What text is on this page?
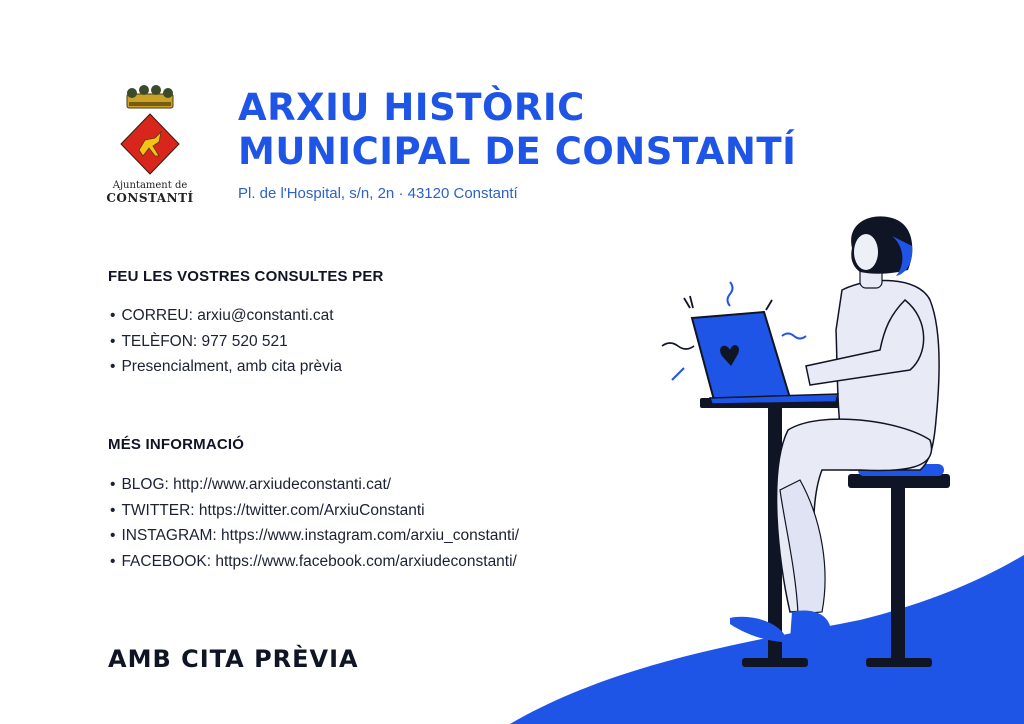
Ajuntament de
CONSTANTÍ
ARXIU HISTÒRIC
MUNICIPAL DE CONSTANTÍ
Pl. de l'Hospital, s/n, 2n · 43120 Constantí
FEU LES VOSTRES CONSULTES PER
• CORREU: arxiu@constanti.cat
• TELÈFON: 977 520 521
• Presencialment, amb cita prèvia
MÉS INFORMACIÓ
• BLOG: http://www.arxiudeconstanti.cat/
• TWITTER: https://twitter.com/ArxiuConstanti
• INSTAGRAM: https://www.instagram.com/arxiu_constanti/
• FACEBOOK: https://www.facebook.com/arxiudeconstanti/
AMB CITA PRÈVIA
